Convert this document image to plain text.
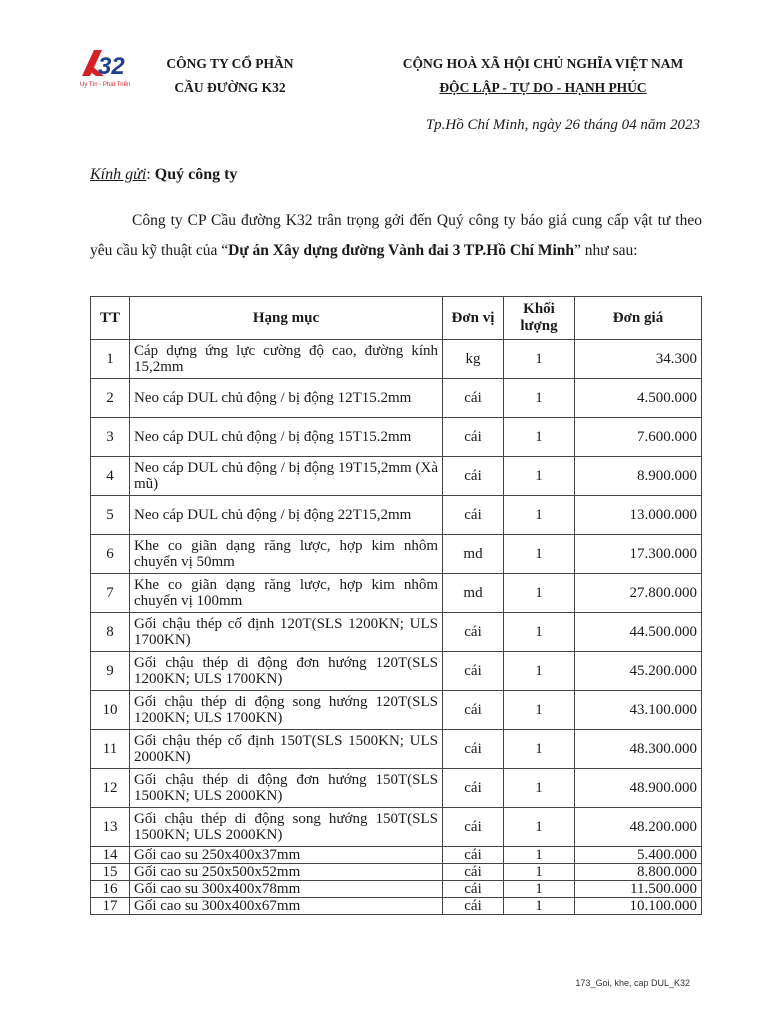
32
Uy Tín - Phát Triển
CÔNG TY CỔ PHẦN
CẦU ĐƯỜNG K32
CỘNG HOÀ XÃ HỘI CHỦ NGHĨA VIỆT NAM
ĐỘC LẬP - TỰ DO - HẠNH PHÚC
Tp.Hồ Chí Minh, ngày 26 tháng 04 năm 2023
Kính gửi: Quý công ty
Công ty CP Cầu đường K32 trân trọng gởi đến Quý công ty báo giá cung cấp vật tư theo yêu cầu kỹ thuật của “Dự án Xây dựng đường Vành đai 3 TP.Hồ Chí Minh” như sau:
TT	Hạng mục	Đơn vị	Khối lượng	Đơn giá
1	Cáp dựng ứng lực cường độ cao, đường kính 15,2mm	kg	1	34.300
2	Neo cáp DUL chủ động / bị động 12T15.2mm	cái	1	4.500.000
3	Neo cáp DUL chủ động / bị động 15T15.2mm	cái	1	7.600.000
4	Neo cáp DUL chủ động / bị động 19T15,2mm (Xà mũ)	cái	1	8.900.000
5	Neo cáp DUL chủ động / bị động 22T15,2mm	cái	1	13.000.000
6	Khe co giãn dạng răng lược, hợp kim nhôm chuyển vị 50mm	md	1	17.300.000
7	Khe co giãn dạng răng lược, hợp kim nhôm chuyển vị 100mm	md	1	27.800.000
8	Gối chậu thép cố định 120T(SLS 1200KN; ULS 1700KN)	cái	1	44.500.000
9	Gối chậu thép di động đơn hướng 120T(SLS 1200KN; ULS 1700KN)	cái	1	45.200.000
10	Gối chậu thép di động song hướng 120T(SLS 1200KN; ULS 1700KN)	cái	1	43.100.000
11	Gối chậu thép cố định 150T(SLS 1500KN; ULS 2000KN)	cái	1	48.300.000
12	Gối chậu thép di động đơn hướng 150T(SLS 1500KN; ULS 2000KN)	cái	1	48.900.000
13	Gối chậu thép di động song hướng 150T(SLS 1500KN; ULS 2000KN)	cái	1	48.200.000
14	Gối cao su 250x400x37mm	cái	1	5.400.000
15	Gối cao su 250x500x52mm	cái	1	8.800.000
16	Gối cao su 300x400x78mm	cái	1	11.500.000
17	Gối cao su 300x400x67mm	cái	1	10.100.000
173_Goi, khe, cap DUL_K32
